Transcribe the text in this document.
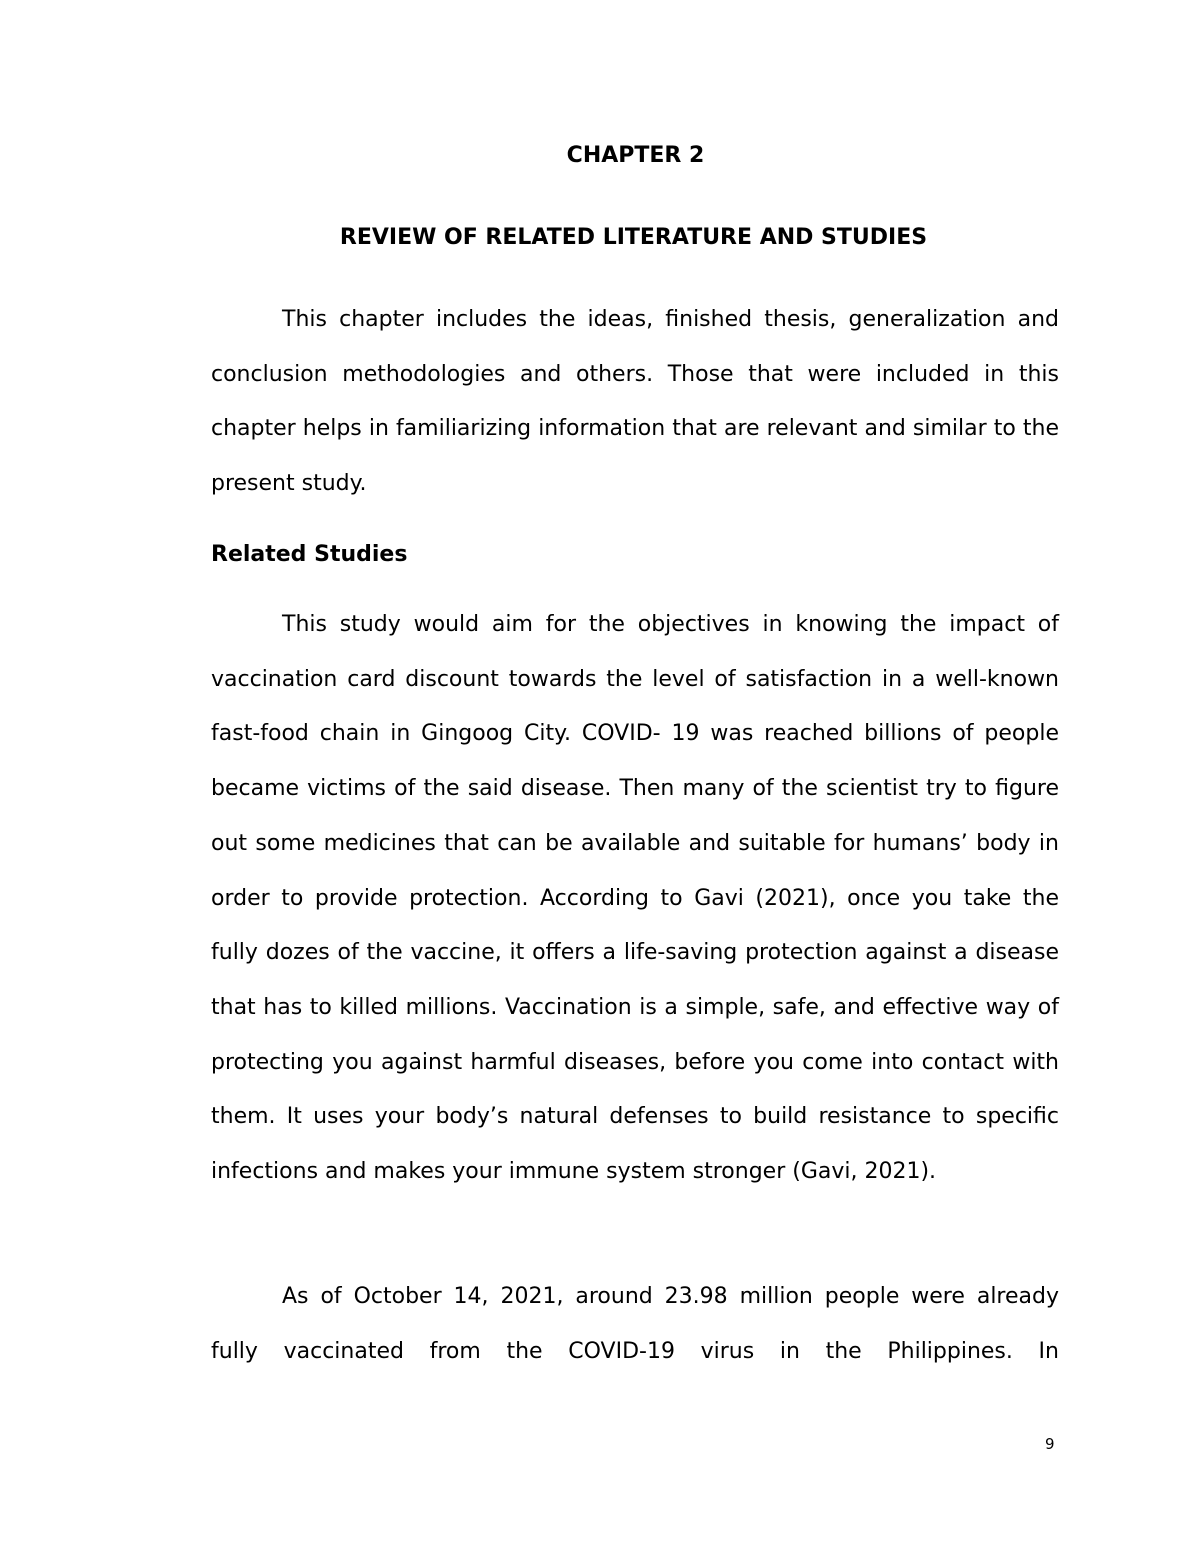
CHAPTER 2
REVIEW OF RELATED LITERATURE AND STUDIES

This chapter includes the ideas, finished thesis, generalization and conclusion methodologies and others. Those that were included in this chapter helps in familiarizing information that are relevant and similar to the present study.

Related Studies

This study would aim for the objectives in knowing the impact of vaccination card discount towards the level of satisfaction in a well-known fast-food chain in Gingoog City. COVID- 19 was reached billions of people became victims of the said disease. Then many of the scientist try to figure out some medicines that can be available and suitable for humans’ body in order to provide protection. According to Gavi (2021), once you take the fully dozes of the vaccine, it offers a life-saving protection against a disease that has to killed millions. Vaccination is a simple, safe, and effective way of protecting you against harmful diseases, before you come into contact with them. It uses your body’s natural defenses to build resistance to specific infections and makes your immune system stronger (Gavi, 2021).

As of October 14, 2021, around 23.98 million people were already fully vaccinated from the COVID-19 virus in the Philippines. In

9
